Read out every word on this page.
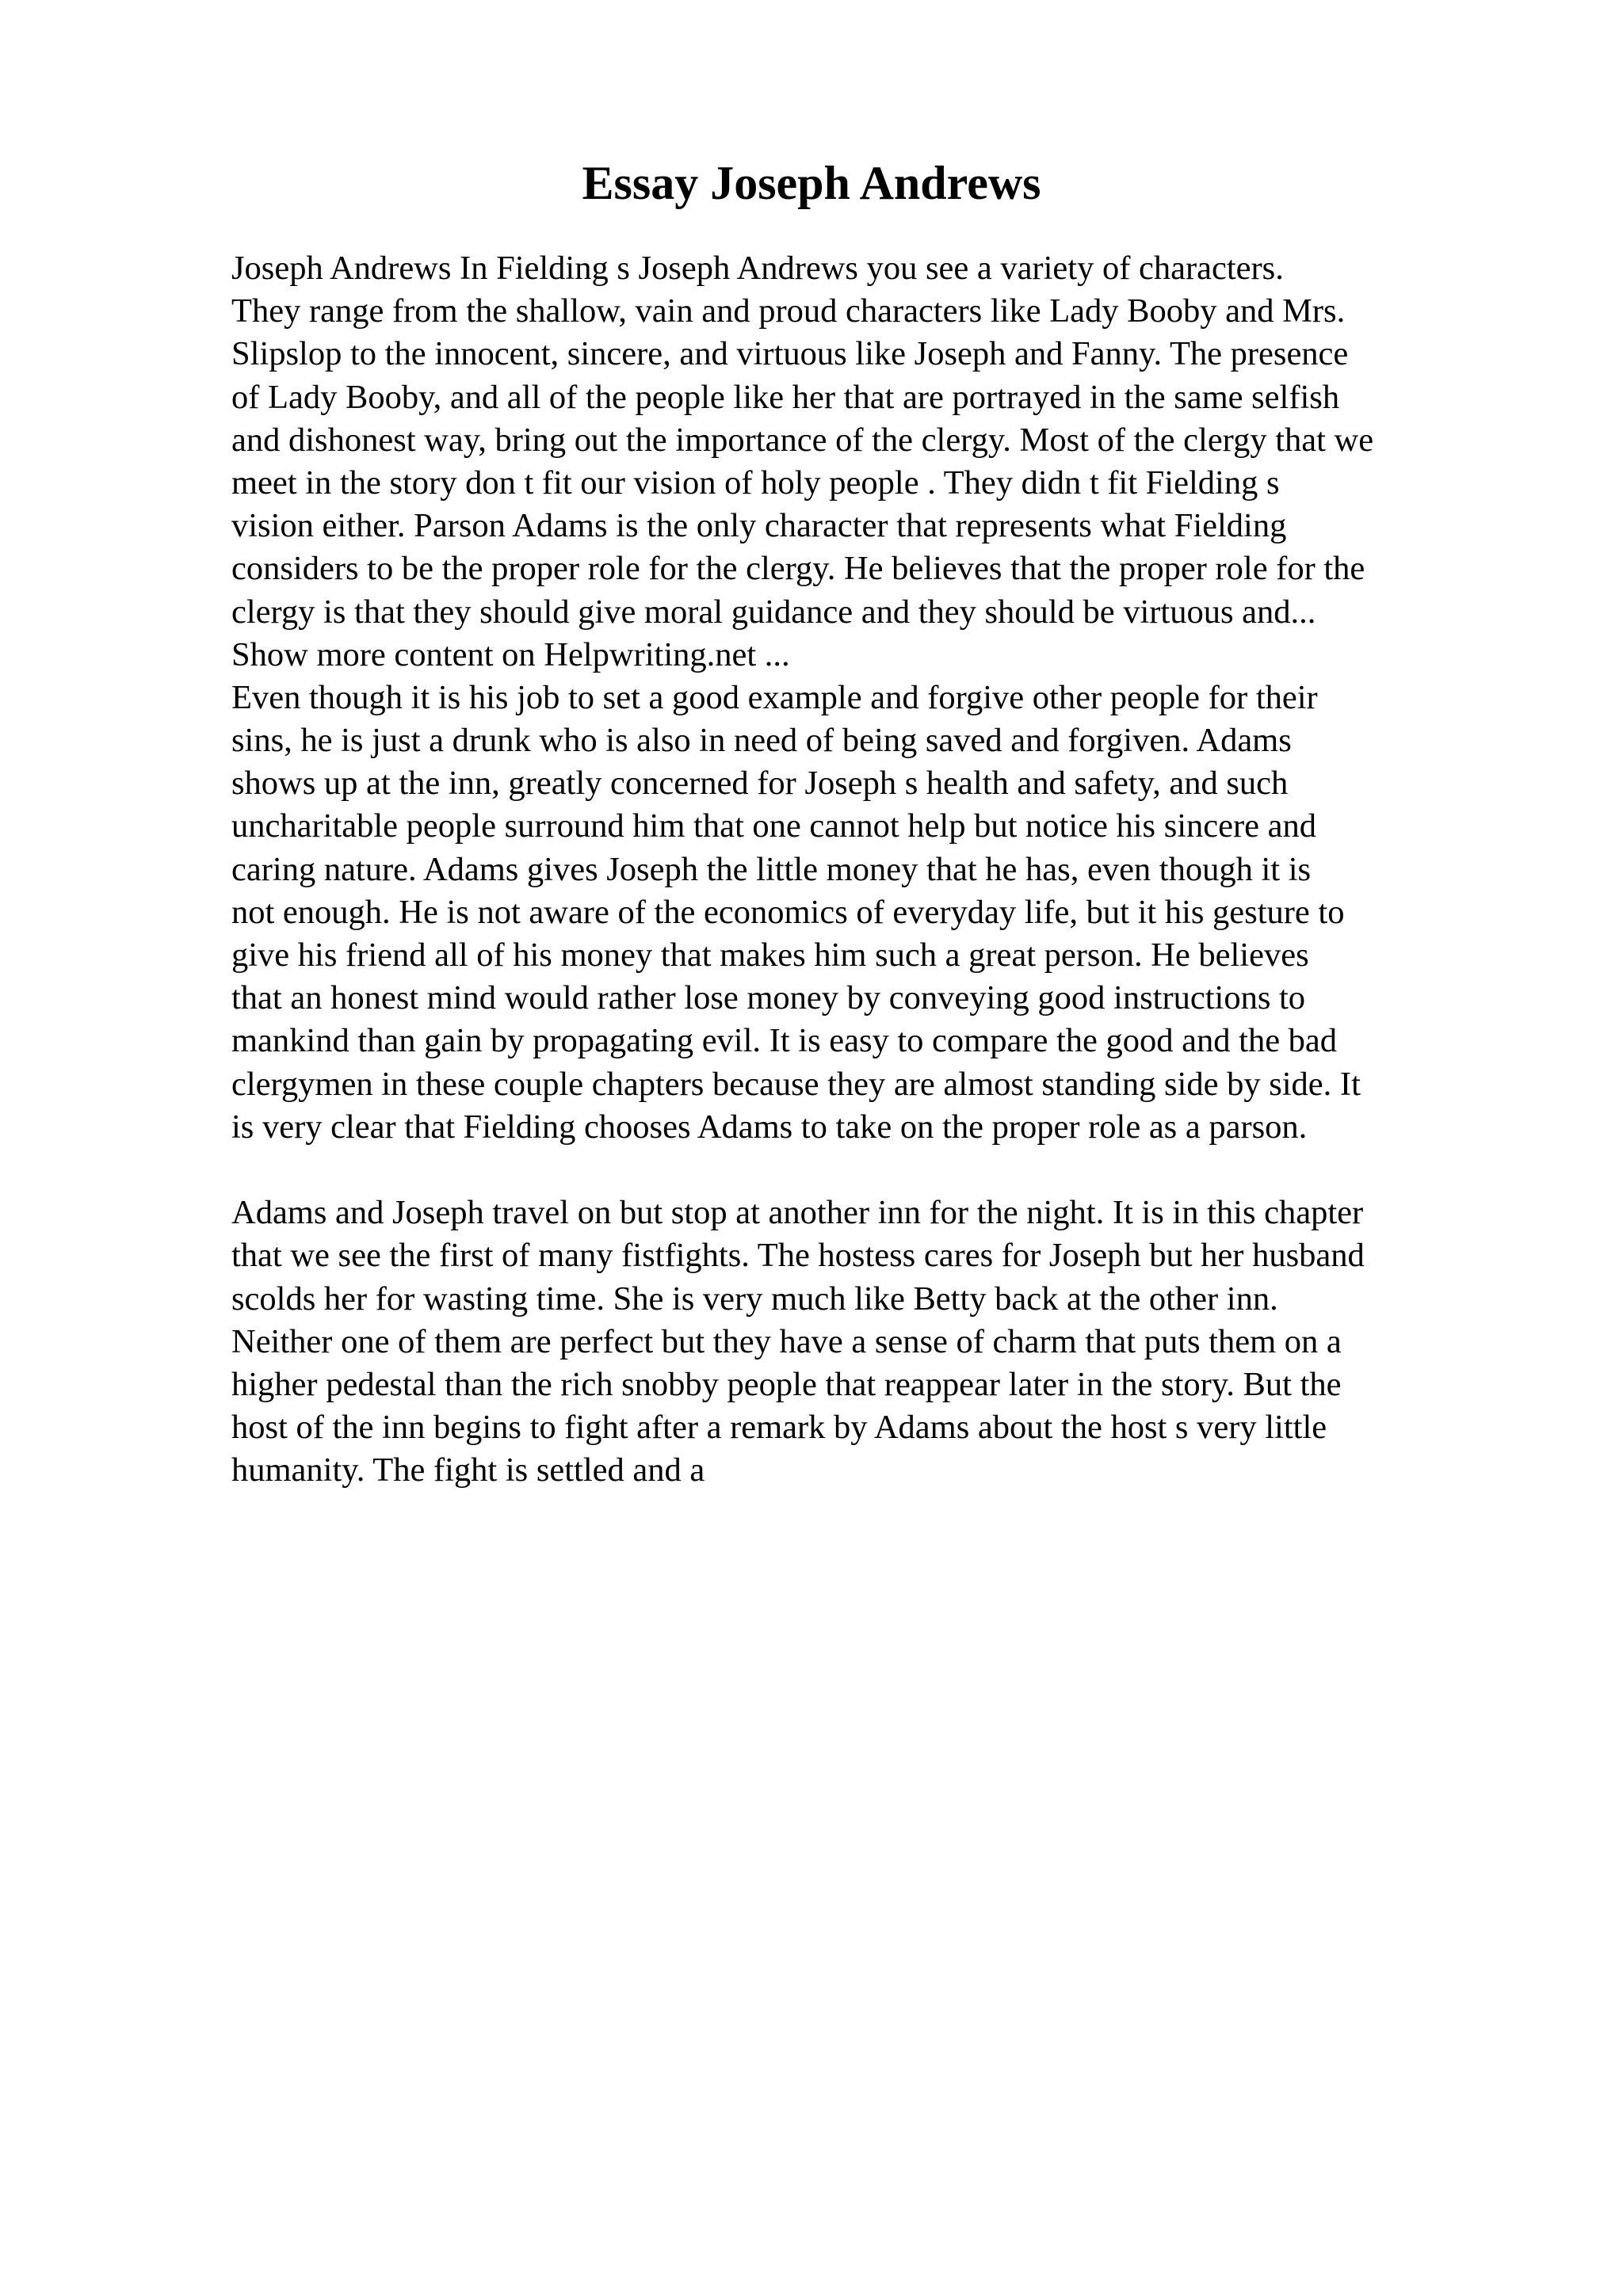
Essay Joseph Andrews
Joseph Andrews In Fielding s Joseph Andrews you see a variety of characters.
They range from the shallow, vain and proud characters like Lady Booby and Mrs.
Slipslop to the innocent, sincere, and virtuous like Joseph and Fanny. The presence
of Lady Booby, and all of the people like her that are portrayed in the same selfish
and dishonest way, bring out the importance of the clergy. Most of the clergy that we
meet in the story don t fit our vision of holy people . They didn t fit Fielding s
vision either. Parson Adams is the only character that represents what Fielding
considers to be the proper role for the clergy. He believes that the proper role for the
clergy is that they should give moral guidance and they should be virtuous and...
Show more content on Helpwriting.net ...
Even though it is his job to set a good example and forgive other people for their
sins, he is just a drunk who is also in need of being saved and forgiven. Adams
shows up at the inn, greatly concerned for Joseph s health and safety, and such
uncharitable people surround him that one cannot help but notice his sincere and
caring nature. Adams gives Joseph the little money that he has, even though it is
not enough. He is not aware of the economics of everyday life, but it his gesture to
give his friend all of his money that makes him such a great person. He believes
that an honest mind would rather lose money by conveying good instructions to
mankind than gain by propagating evil. It is easy to compare the good and the bad
clergymen in these couple chapters because they are almost standing side by side. It
is very clear that Fielding chooses Adams to take on the proper role as a parson.
Adams and Joseph travel on but stop at another inn for the night. It is in this chapter
that we see the first of many fistfights. The hostess cares for Joseph but her husband
scolds her for wasting time. She is very much like Betty back at the other inn.
Neither one of them are perfect but they have a sense of charm that puts them on a
higher pedestal than the rich snobby people that reappear later in the story. But the
host of the inn begins to fight after a remark by Adams about the host s very little
humanity. The fight is settled and a
